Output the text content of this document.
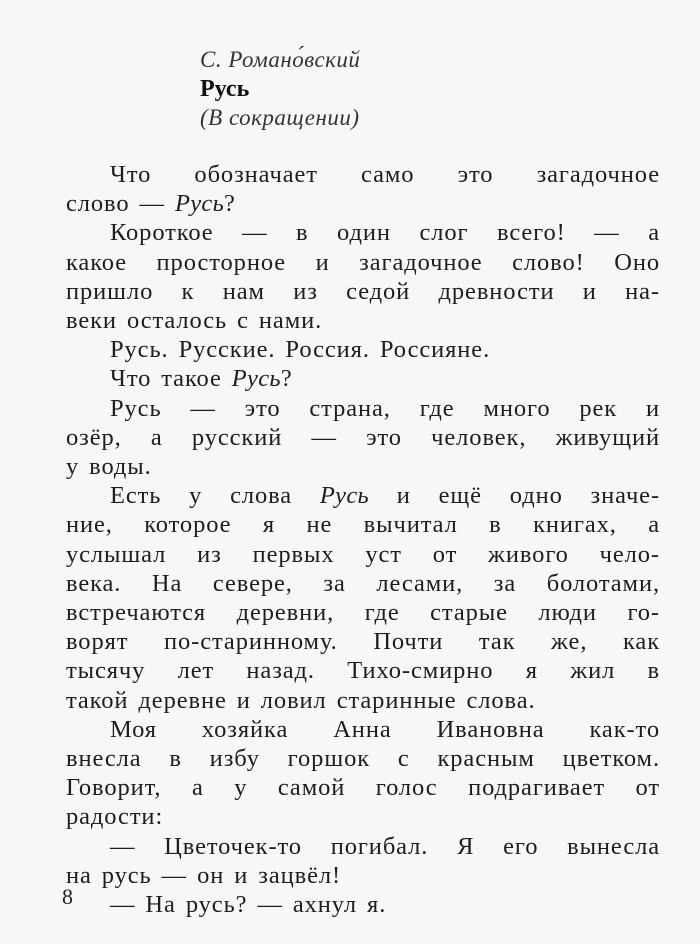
С. Романо́вский
Русь
(В сокращении)

Что обозначает само это загадочное
слово — Русь?

Короткое — в один слог всего! — а
какое просторное и загадочное слово! Оно
пришло к нам из седой древности и на-
веки осталось с нами.

Русь. Русские. Россия. Россияне.

Что такое Русь?

Русь — это страна, где много рек и
озёр, а русский — это человек, живущий
у воды.

Есть у слова Русь и ещё одно значе-
ние, которое я не вычитал в книгах, а
услышал из первых уст от живого чело-
века. На севере, за лесами, за болотами,
встречаются деревни, где старые люди го-
ворят по-старинному. Почти так же, как
тысячу лет назад. Тихо-смирно я жил в
такой деревне и ловил старинные слова.

Моя хозяйка Анна Ивановна как-то
внесла в избу горшок с красным цветком.
Говорит, а у самой голос подрагивает от
радости:

— Цветочек-то погибал. Я его вынесла
на русь — он и зацвёл!

— На русь? — ахнул я.

8
